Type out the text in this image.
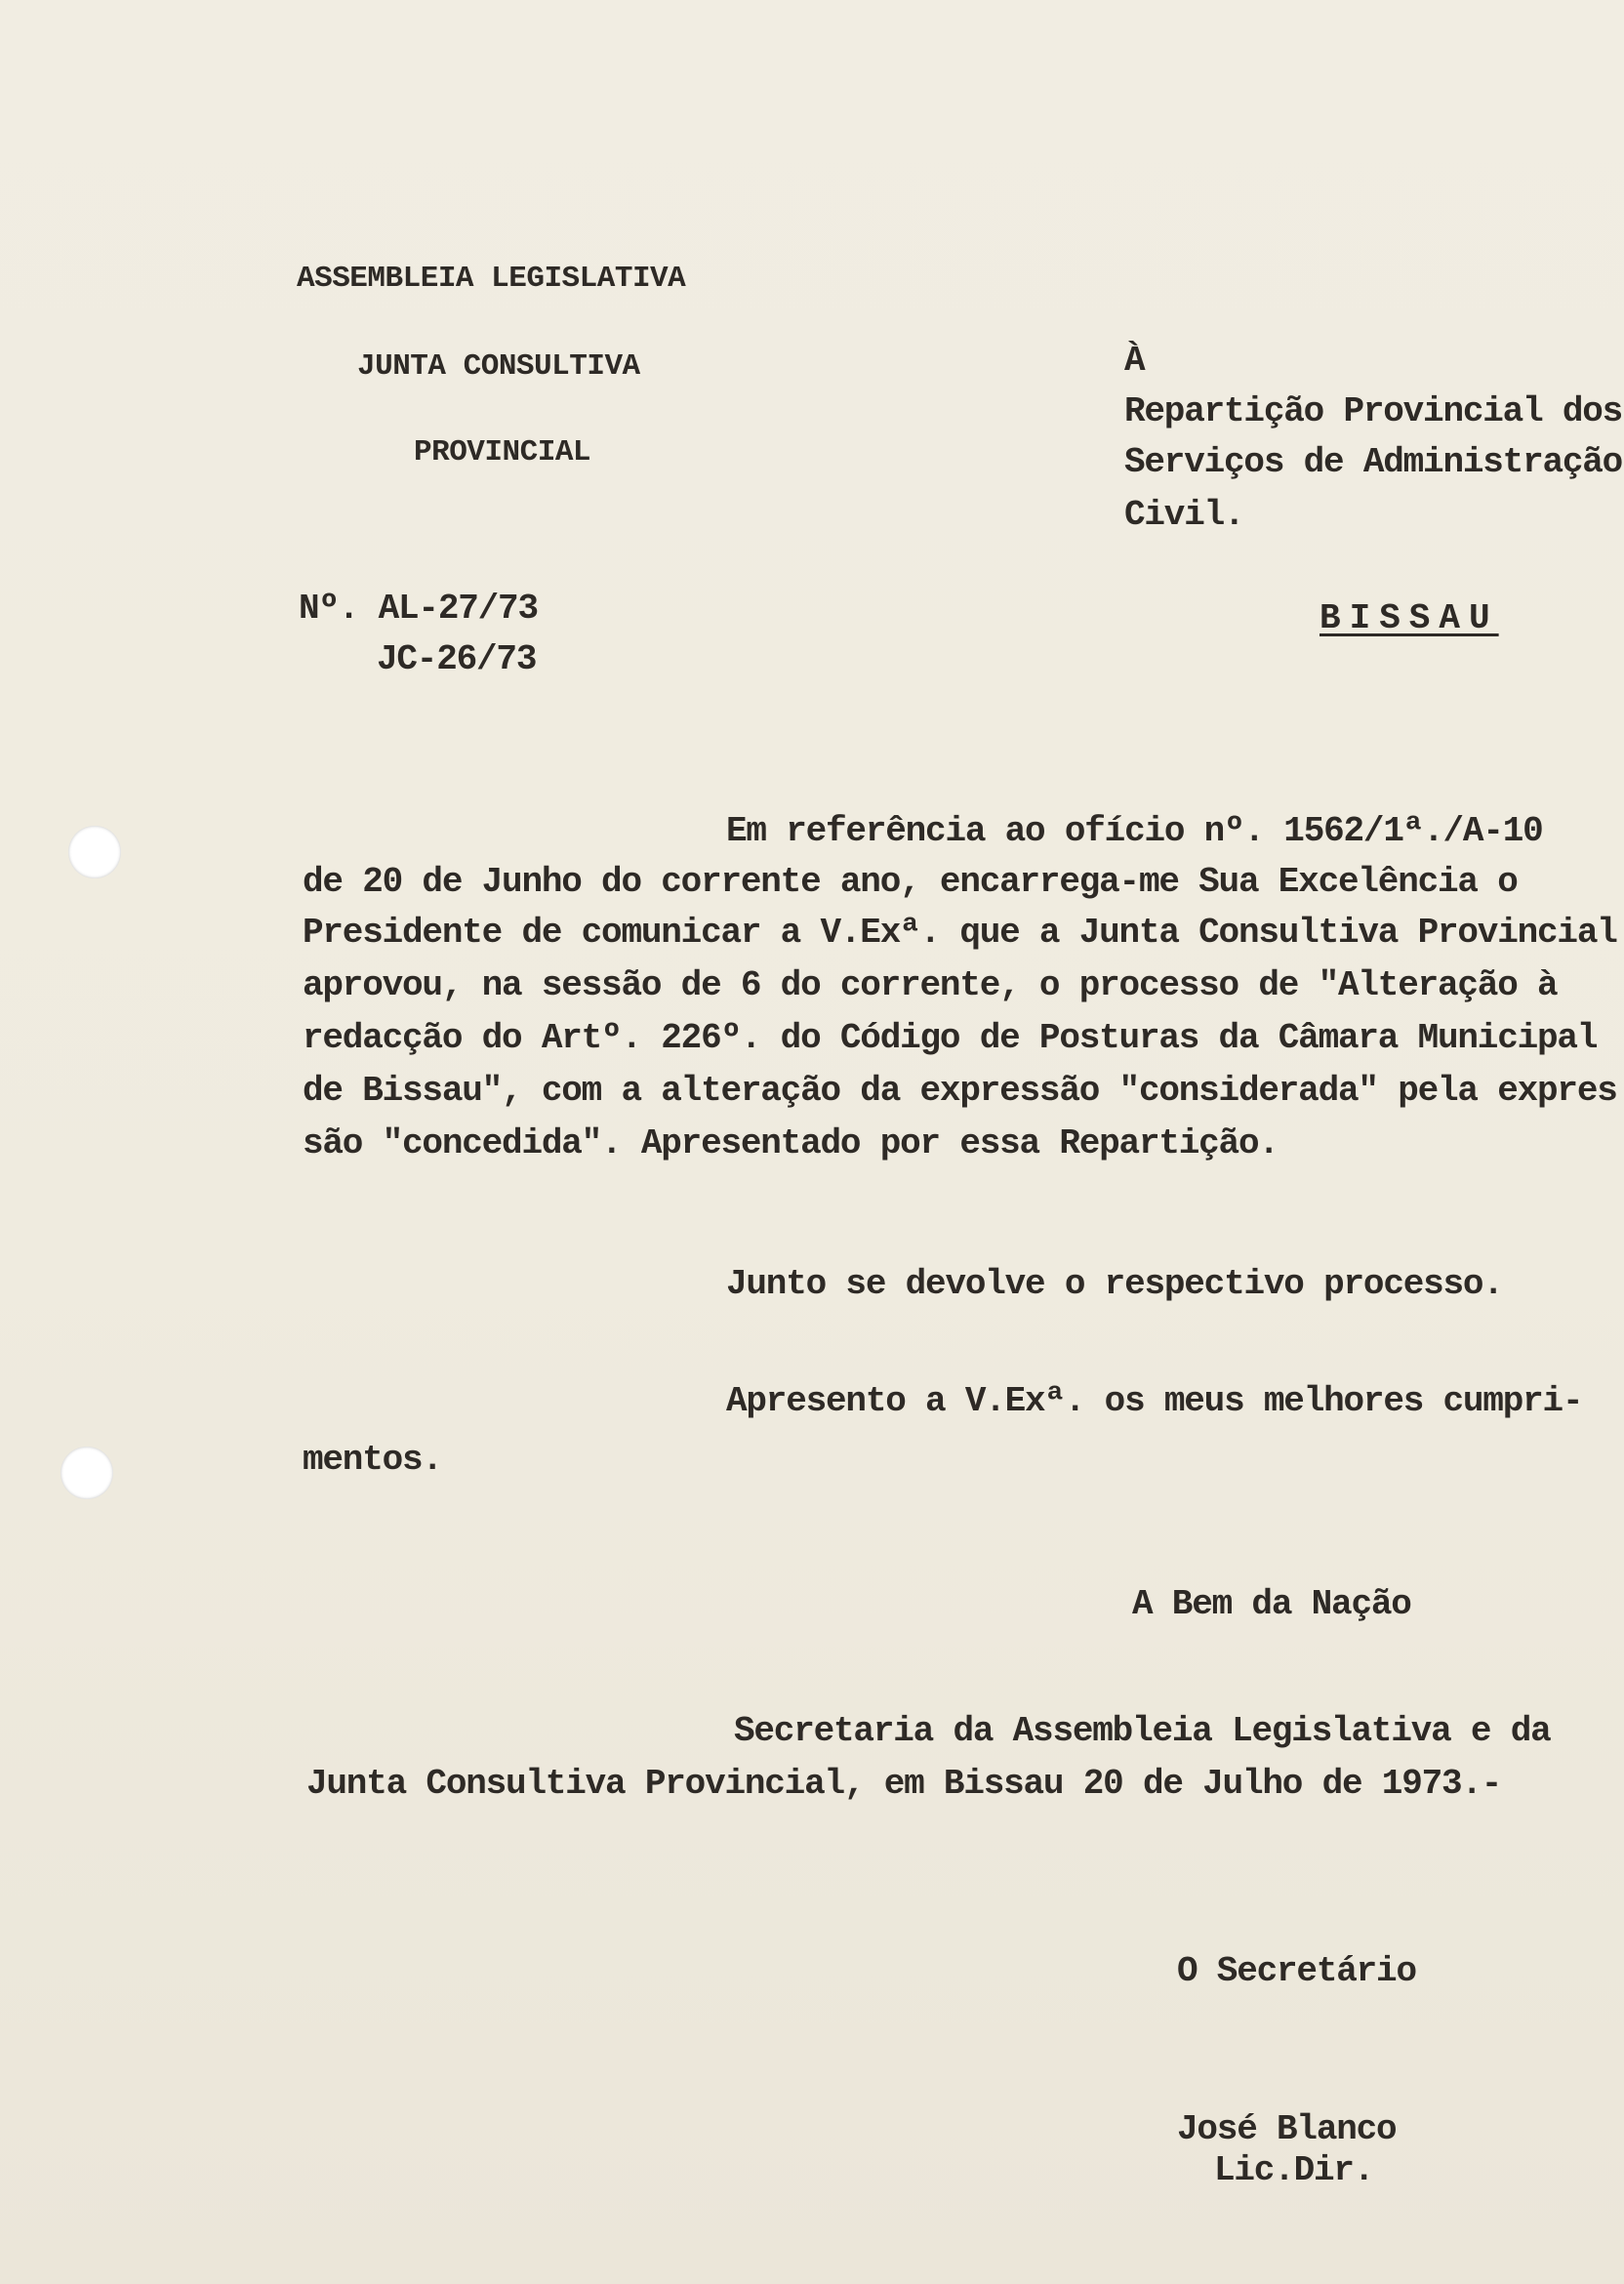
ASSEMBLEIA LEGISLATIVA
JUNTA CONSULTIVA
PROVINCIAL
Nº. AL-27/73
JC-26/73
À
Repartição Provincial dos
Serviços de Administração
Civil.
BISSAU
Em referência ao ofício nº. 1562/1ª./A-10
de 20 de Junho do corrente ano, encarrega-me Sua Excelência o
Presidente de comunicar a V.Exª. que a Junta Consultiva Provincial
aprovou, na sessão de 6 do corrente, o processo de "Alteração à
redacção do Artº. 226º. do Código de Posturas da Câmara Municipal
de Bissau", com a alteração da expressão "considerada" pela expres
são "concedida". Apresentado por essa Repartição.
Junto se devolve o respectivo processo.
Apresento a V.Exª. os meus melhores cumpri-
mentos.
A Bem da Nação
Secretaria da Assembleia Legislativa e da
Junta Consultiva Provincial, em Bissau 20 de Julho de 1973.-
O Secretário
José Blanco
Lic.Dir.
